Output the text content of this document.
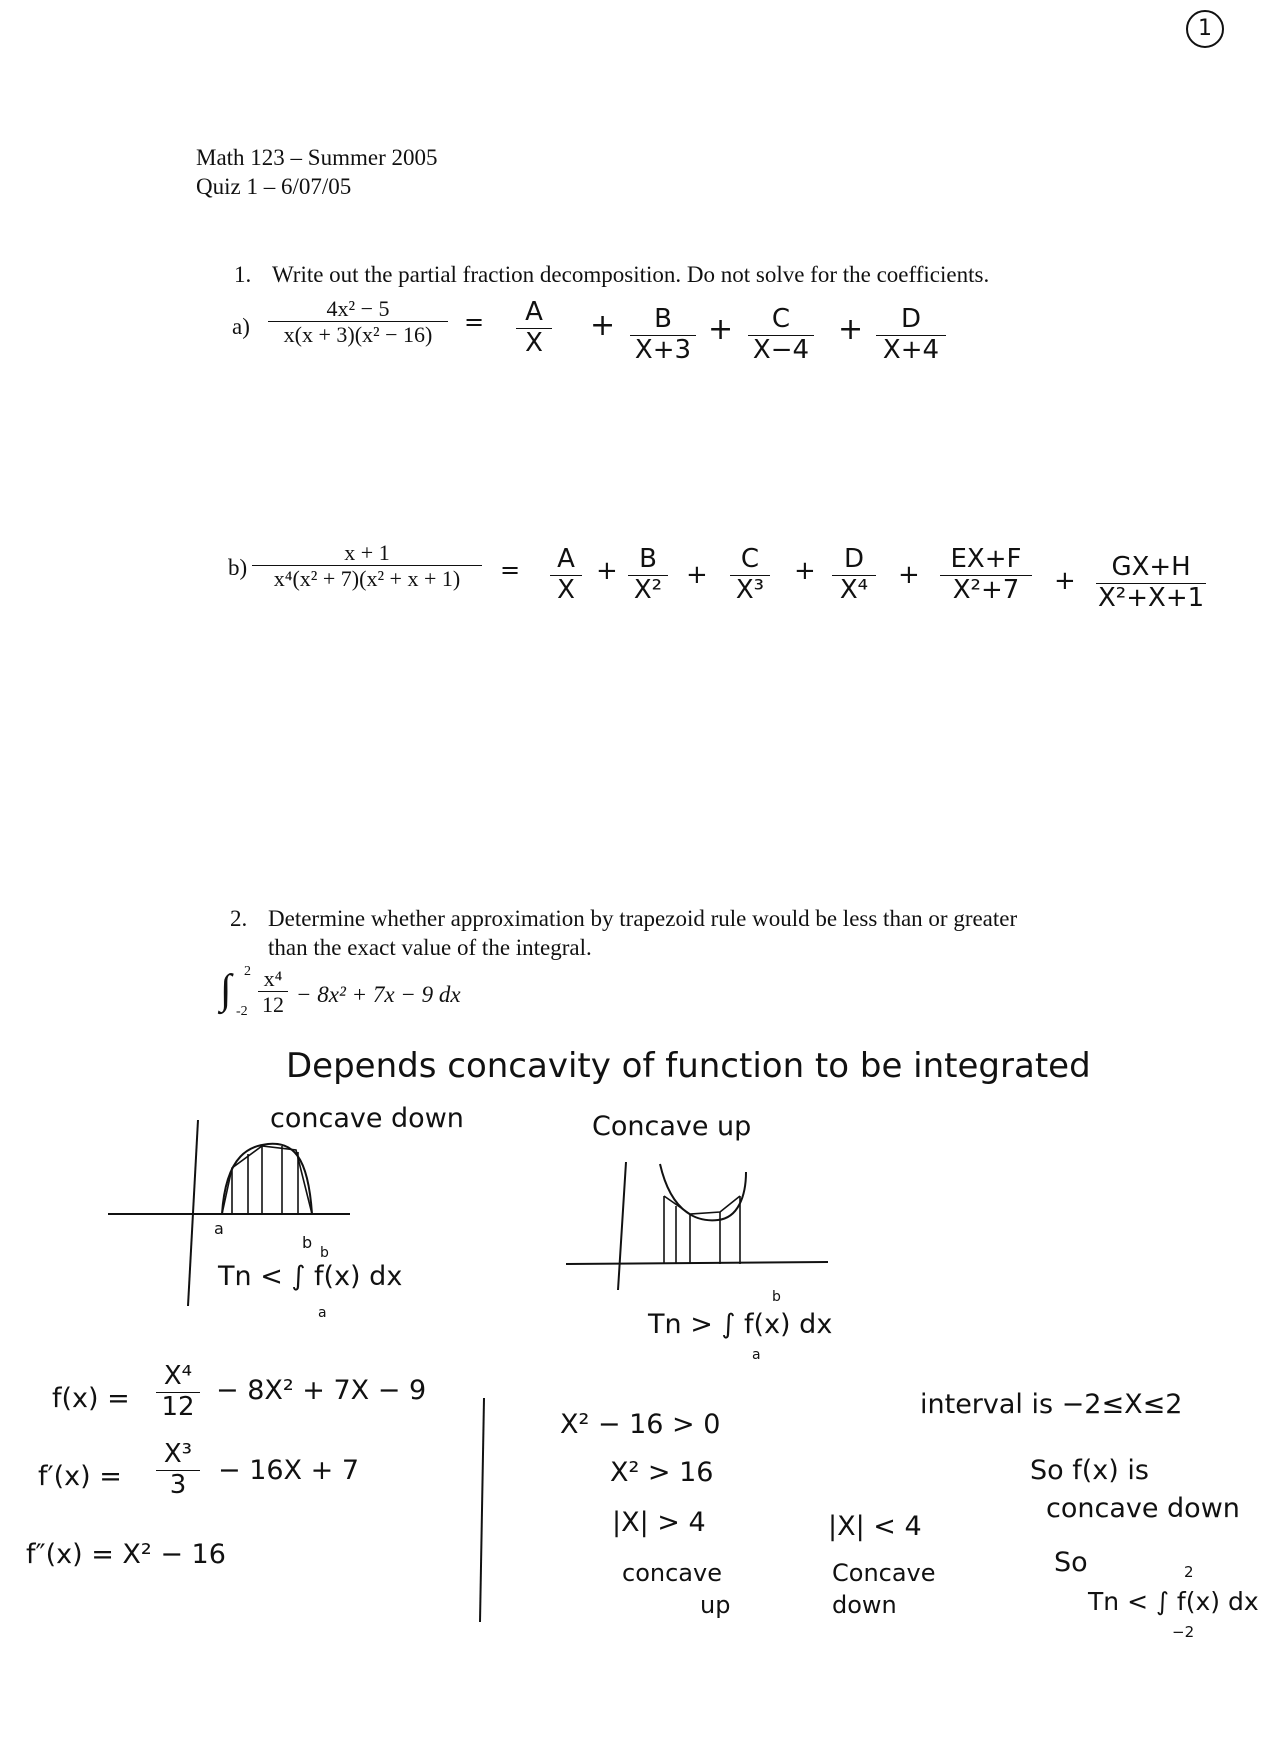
1
Math 123 – Summer 2005
Quiz 1 – 6/07/05
1. Write out the partial fraction decomposition. Do not solve for the coefficients.
a)
4x² − 5
x(x + 3)(x² − 16) = A
X + B
X+3
+ C
X−4
+ D
X+4
b)
x + 1
x⁴(x² + 7)(x² + x + 1) = A
X
+ B
X² +
C
X³
+ D
X⁴ +
EX+F
X²+7 + GX+H
X²+X+1
2. Determine whether approximation by trapezoid rule would be less than or greater
than the exact value of the integral.
∫ 2
-2
x⁴
12 − 8x² + 7x − 9 dx
Depends concavity of function to be integrated
concave down
a
b
Tn < ∫ f(x) dx
b
a
Concave up
Tn > ∫ f(x) dx
b
a
f(x) =
X⁴
12
− 8X² + 7X − 9
f′(x) =
X³
3 − 16X + 7
f″(x) = X² − 16
X² − 16 > 0
X² > 16
|X| > 4
concave
up
|X| < 4
Concave
down
interval is −2≤X≤2
So f(x) is
concave down
So
Tn < ∫ f(x) dx
2
−2
